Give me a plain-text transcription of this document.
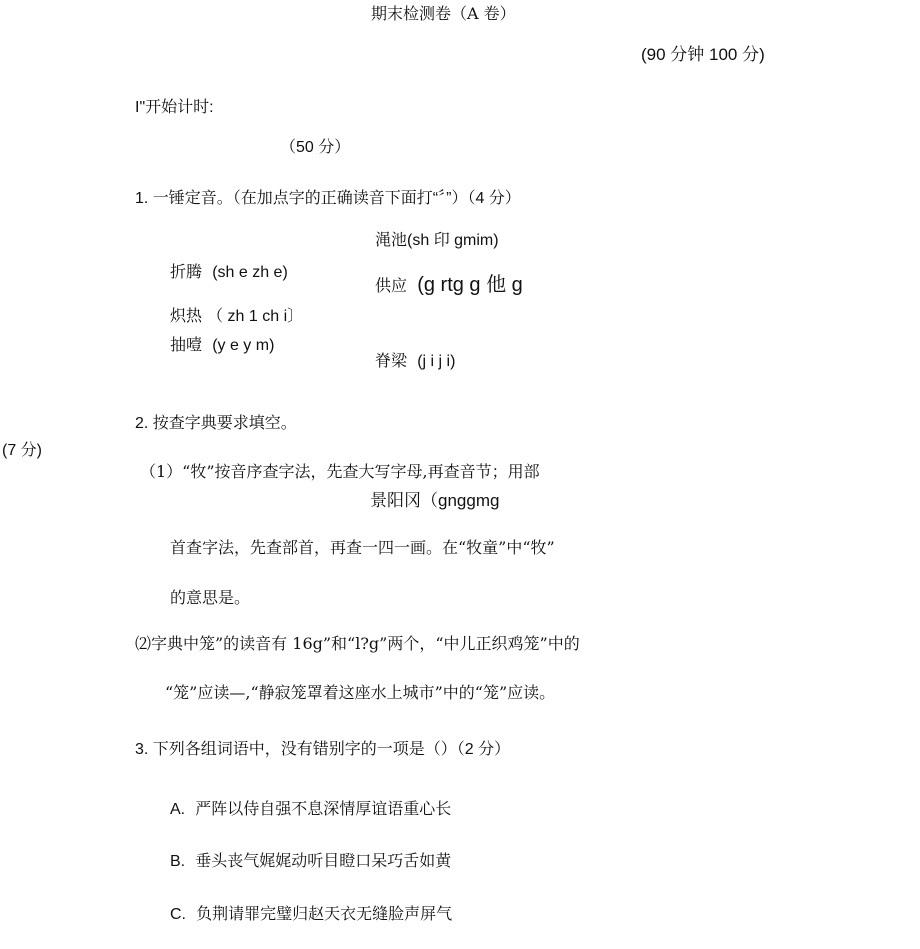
期末检测卷（A 卷）
(90 分钟 100 分)
I"开始计时:
（50 分）
1. 一锤定音。（在加点字的正确读音下面打“〞”）（4 分）
渑池(sh 印 gmim)
折腾 (sh e zh e)
供应 (g rtg g 他 g
炽热 （ zh 1 ch i〕
抽噎 (y e y m)
脊梁 (j i j i)
2. 按查字典要求填空。
(7 分)
（1）“牧”按音序查字法，先查大写字母,再查音节；用部
景阳冈（gnggmg
首查字法，先查部首，再查一四一画。在“牧童”中“牧”
的意思是。
⑵字典中笼”的读音有 16g”和“l?g”两个，“中儿正织鸡笼”中的
“笼”应读—,“静寂笼罩着这座水上城市”中的“笼”应读。
3. 下列各组词语中，没有错别字的一项是（）（2 分）
A. 严阵以侍自强不息深情厚谊语重心长
B. 垂头丧气娓娓动听目瞪口呆巧舌如黄
C. 负荆请罪完璧归赵天衣无缝脸声屏气
